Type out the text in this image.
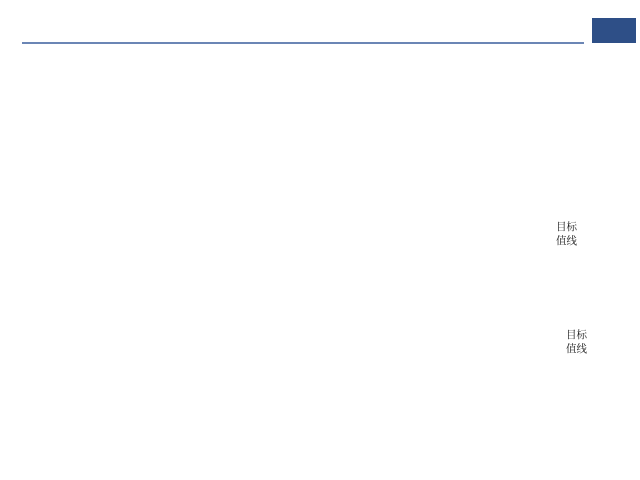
目标
值线
目标
值线
